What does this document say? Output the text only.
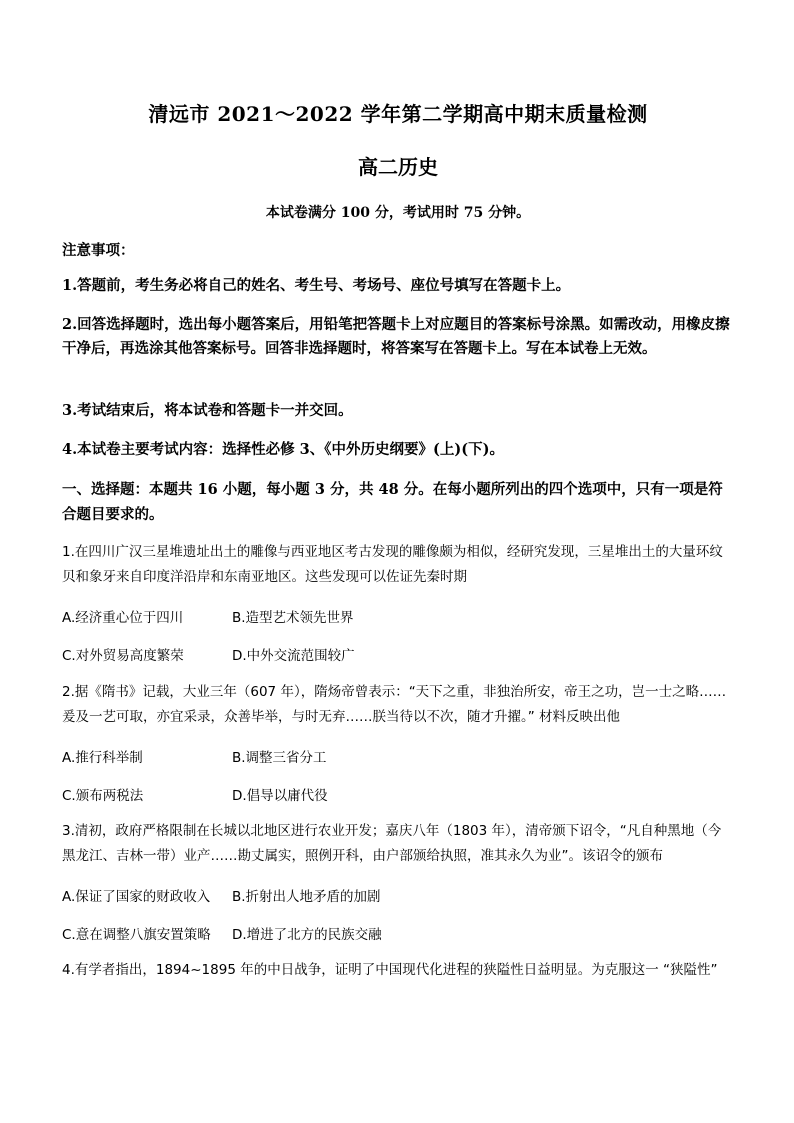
清远市 2021～2022 学年第二学期高中期末质量检测
高二历史
本试卷满分 100 分，考试用时 75 分钟。
注意事项：
1.答题前，考生务必将自己的姓名、考生号、考场号、座位号填写在答题卡上。
2.回答选择题时，选出每小题答案后，用铅笔把答题卡上对应题目的答案标号涂黑。如需改动，用橡皮擦干净后，再选涂其他答案标号。回答非选择题时，将答案写在答题卡上。写在本试卷上无效。
3.考试结束后，将本试卷和答题卡一并交回。
4.本试卷主要考试内容：选择性必修 3、《中外历史纲要》(上)(下)。
一、选择题：本题共 16 小题，每小题 3 分，共 48 分。在每小题所列出的四个选项中，只有一项是符合题目要求的。
1.在四川广汉三星堆遗址出土的雕像与西亚地区考古发现的雕像颇为相似，经研究发现，三星堆出土的大量环纹贝和象牙来自印度洋沿岸和东南亚地区。这些发现可以佐证先秦时期
A.经济重心位于四川	B.造型艺术领先世界
C.对外贸易高度繁荣	D.中外交流范围较广
2.据《隋书》记载，大业三年（607 年），隋炀帝曾表示：“天下之重，非独治所安，帝王之功，岂一士之略……爰及一艺可取，亦宜采录，众善毕举，与时无弃……朕当待以不次，随才升擢。” 材料反映出他
A.推行科举制	B.调整三省分工
C.颁布两税法	D.倡导以庸代役
3.清初，政府严格限制在长城以北地区进行农业开发；嘉庆八年（1803 年），清帝颁下诏令，“凡自种黑地（今黑龙江、吉林一带）业产……勘丈属实，照例开科，由户部颁给执照，准其永久为业”。该诏令的颁布
A.保证了国家的财政收入 B.折射出人地矛盾的加剧
C.意在调整八旗安置策略 D.增进了北方的民族交融
4.有学者指出，1894~1895 年的中日战争，证明了中国现代化进程的狭隘性日益明显。为克服这一 “狭隘性”
